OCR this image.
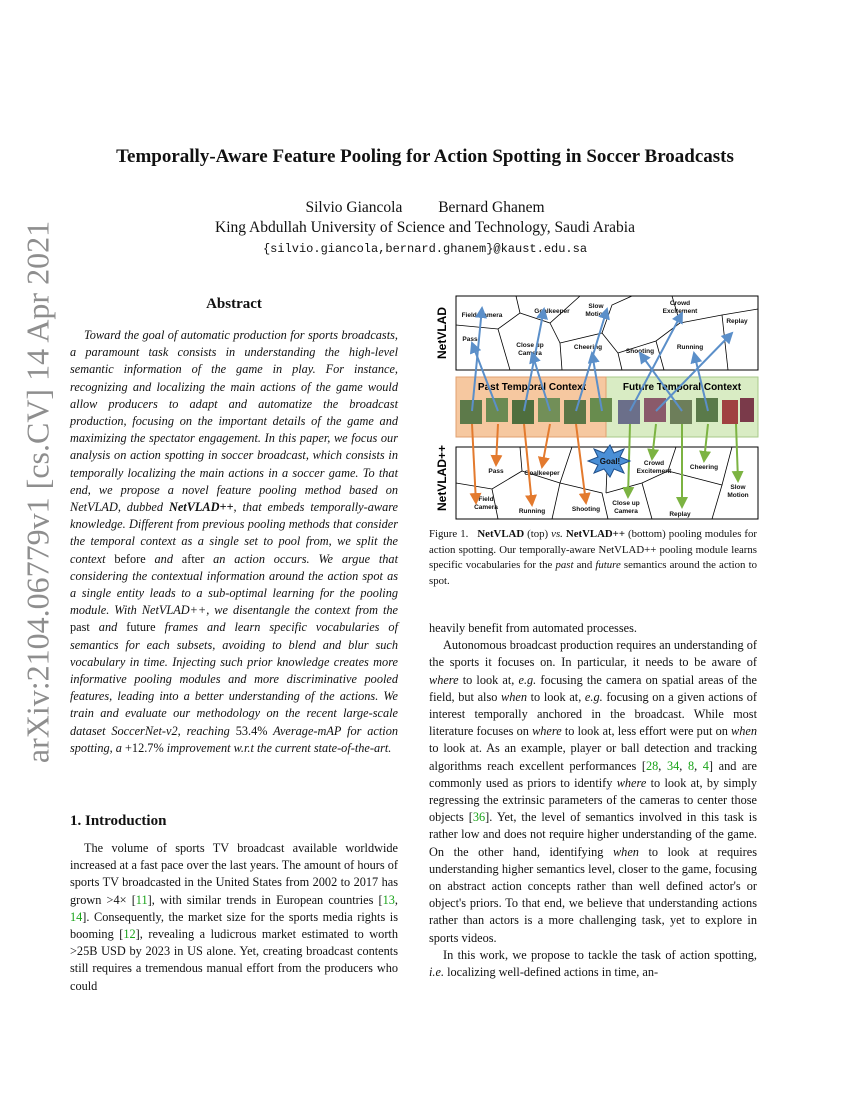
Temporally-Aware Feature Pooling for Action Spotting in Soccer Broadcasts
Silvio Giancola Bernard Ghanem
King Abdullah University of Science and Technology, Saudi Arabia
{silvio.giancola,bernard.ghanem}@kaust.edu.sa
arXiv:2104.06779v1 [cs.CV] 14 Apr 2021	Abstract

Toward the goal of automatic production for sports broadcasts, a paramount task consists in understanding the high-level semantic information of the game in play. For instance, recognizing and localizing the main actions of the game would allow producers to adapt and automatize the broadcast production, focusing on the important details of the game and maximizing the spectator engagement. In this paper, we focus our analysis on action spotting in soccer broadcast, which consists in temporally localizing the main actions in a soccer game. To that end, we propose a novel feature pooling method based on NetVLAD, dubbed NetVLAD++, that embeds temporally-aware knowledge. Different from previous pooling methods that consider the temporal context as a single set to pool from, we split the context before and after an action occurs. We argue that considering the contextual information around the action spot as a single entity leads to a sub-optimal learning for the pooling module. With NetVLAD++, we disentangle the context from the past and future frames and learn specific vocabularies of semantics for each subsets, avoiding to blend and blur such vocabulary in time. Injecting such prior knowledge creates more informative pooling modules and more discriminative pooled features, leading into a better understanding of the actions. We train and evaluate our methodology on the recent large-scale dataset SoccerNet-v2, reaching 53.4% Average-mAP for action spotting, a +12.7% improvement w.r.t the current state-of-the-art.

1. Introduction

The volume of sports TV broadcast available worldwide increased at a fast pace over the last years. The amount of hours of sports TV broadcasted in the United States from 2002 to 2017 has grown >4× [11], with similar trends in European countries [13, 14]. Consequently, the market size for the sports media rights is booming [12], revealing a ludicrous market estimated to worth >25B USD by 2023 in US alone. Yet, creating broadcast contents still requires a tremendous manual effort from the producers who could

NetVLAD
NetVLAD++
Field Camera
Goalkeeper
Slow
Motion
Crowd
Excitement
Replay
Pass
Close up
Camera
Cheering
Shooting
Running
Past Temporal Context	Future Temporal Context
Pass	Goalkeeper
Crowd
Excitement
Cheering
Slow
Motion
Field
Camera
Running	Shooting
Close up
Camera	Replay
Goal!
Figure 1. NetVLAD (top) vs. NetVLAD++ (bottom) pooling modules for action spotting. Our temporally-aware NetVLAD++ pooling module learns specific vocabularies for the past and future semantics around the action to spot.

heavily benefit from automated processes.

Autonomous broadcast production requires an understanding of the sports it focuses on. In particular, it needs to be aware of where to look at, e.g. focusing the camera on spatial areas of the field, but also when to look at, e.g. focusing on a given actions of interest temporally anchored in the broadcast. While most literature focuses on where to look at, less effort were put on when to look at. As an example, player or ball detection and tracking algorithms reach excellent performances [28, 34, 8, 4] and are commonly used as priors to identify where to look at, by simply regressing the extrinsic parameters of the cameras to center those objects [36]. Yet, the level of semantics involved in this task is rather low and does not require higher understanding of the game. On the other hand, identifying when to look at requires understanding higher semantics level, closer to the game, focusing on abstract action concepts rather than well defined actor's or object's priors. To that end, we believe that understanding actions rather than actors is a more challenging task, yet to explore in sports videos.

In this work, we propose to tackle the task of action spotting, i.e. localizing well-defined actions in time, an-
